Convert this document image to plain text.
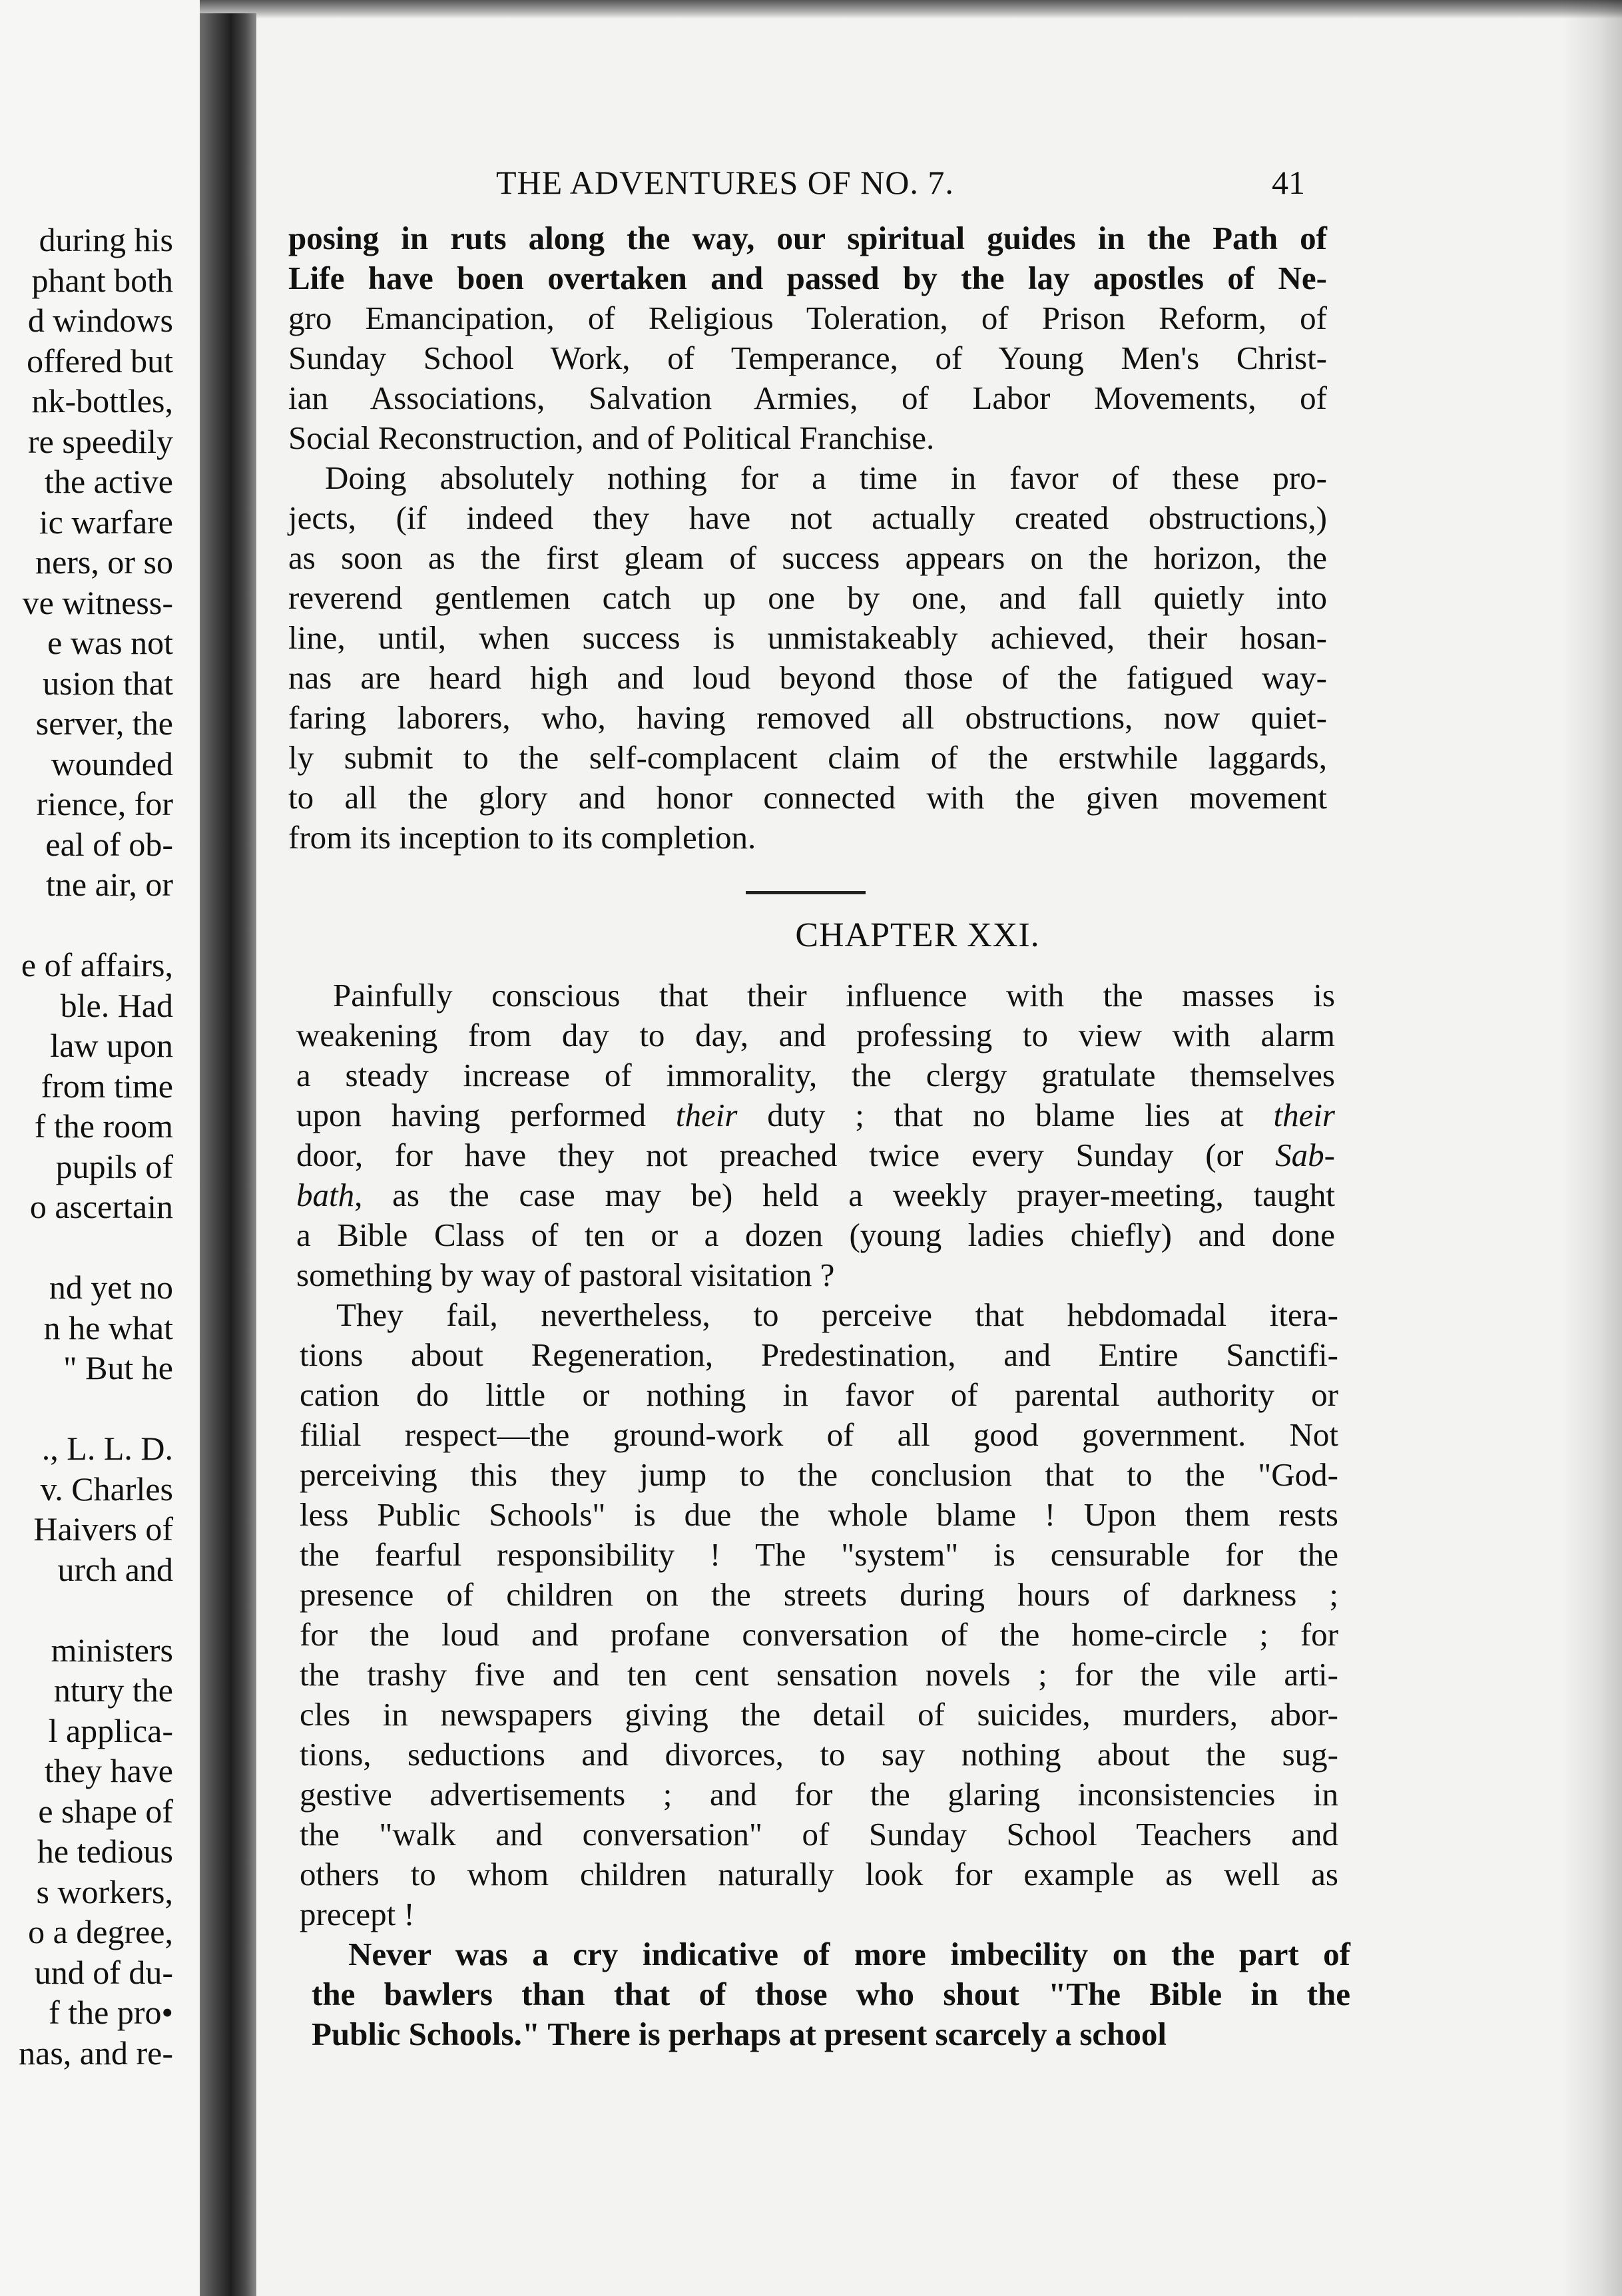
during his
phant both
d windows
offered but
nk-bottles,
re speedily
the active
ic warfare
ners, or so
ve witness-
e was not
usion that
server, the
wounded
rience, for
eal of ob-
tne air, or
e of affairs,
ble. Had
law upon
from time
f the room
pupils of
o ascertain
nd yet no
n he what
" But he
., L. L. D.
v. Charles
Haivers of
urch and
ministers
ntury the
l applica-
they have
e shape of
he tedious
s workers,
o a degree,
und of du-
f the pro•
nas, and re-
THE ADVENTURES OF NO. 7.	41
posing in ruts along the way, our spiritual guides in the Path of
Life have boen overtaken and passed by the lay apostles of Ne-
gro Emancipation, of Religious Toleration, of Prison Reform, of
Sunday School Work, of Temperance, of Young Men's Christ-
ian Associations, Salvation Armies, of Labor Movements, of
Social Reconstruction, and of Political Franchise.
Doing absolutely nothing for a time in favor of these pro-
jects, (if indeed they have not actually created obstructions,)
as soon as the first gleam of success appears on the horizon, the
reverend gentlemen catch up one by one, and fall quietly into
line, until, when success is unmistakeably achieved, their hosan-
nas are heard high and loud beyond those of the fatigued way-
faring laborers, who, having removed all obstructions, now quiet-
ly submit to the self-complacent claim of the erstwhile laggards,
to all the glory and honor connected with the given movement
from its inception to its completion.
CHAPTER XXI.
Painfully conscious that their influence with the masses is
weakening from day to day, and professing to view with alarm
a steady increase of immorality, the clergy gratulate themselves
upon having performed their duty ; that no blame lies at their
door, for have they not preached twice every Sunday (or Sab-
bath, as the case may be) held a weekly prayer-meeting, taught
a Bible Class of ten or a dozen (young ladies chiefly) and done
something by way of pastoral visitation ?
They fail, nevertheless, to perceive that hebdomadal itera-
tions about Regeneration, Predestination, and Entire Sanctifi-
cation do little or nothing in favor of parental authority or
filial respect—the ground-work of all good government. Not
perceiving this they jump to the conclusion that to the "God-
less Public Schools" is due the whole blame ! Upon them rests
the fearful responsibility ! The "system" is censurable for the
presence of children on the streets during hours of darkness ;
for the loud and profane conversation of the home-circle ; for
the trashy five and ten cent sensation novels ; for the vile arti-
cles in newspapers giving the detail of suicides, murders, abor-
tions, seductions and divorces, to say nothing about the sug-
gestive advertisements ; and for the glaring inconsistencies in
the "walk and conversation" of Sunday School Teachers and
others to whom children naturally look for example as well as
precept !
Never was a cry indicative of more imbecility on the part of
the bawlers than that of those who shout "The Bible in the
Public Schools." There is perhaps at present scarcely a school
